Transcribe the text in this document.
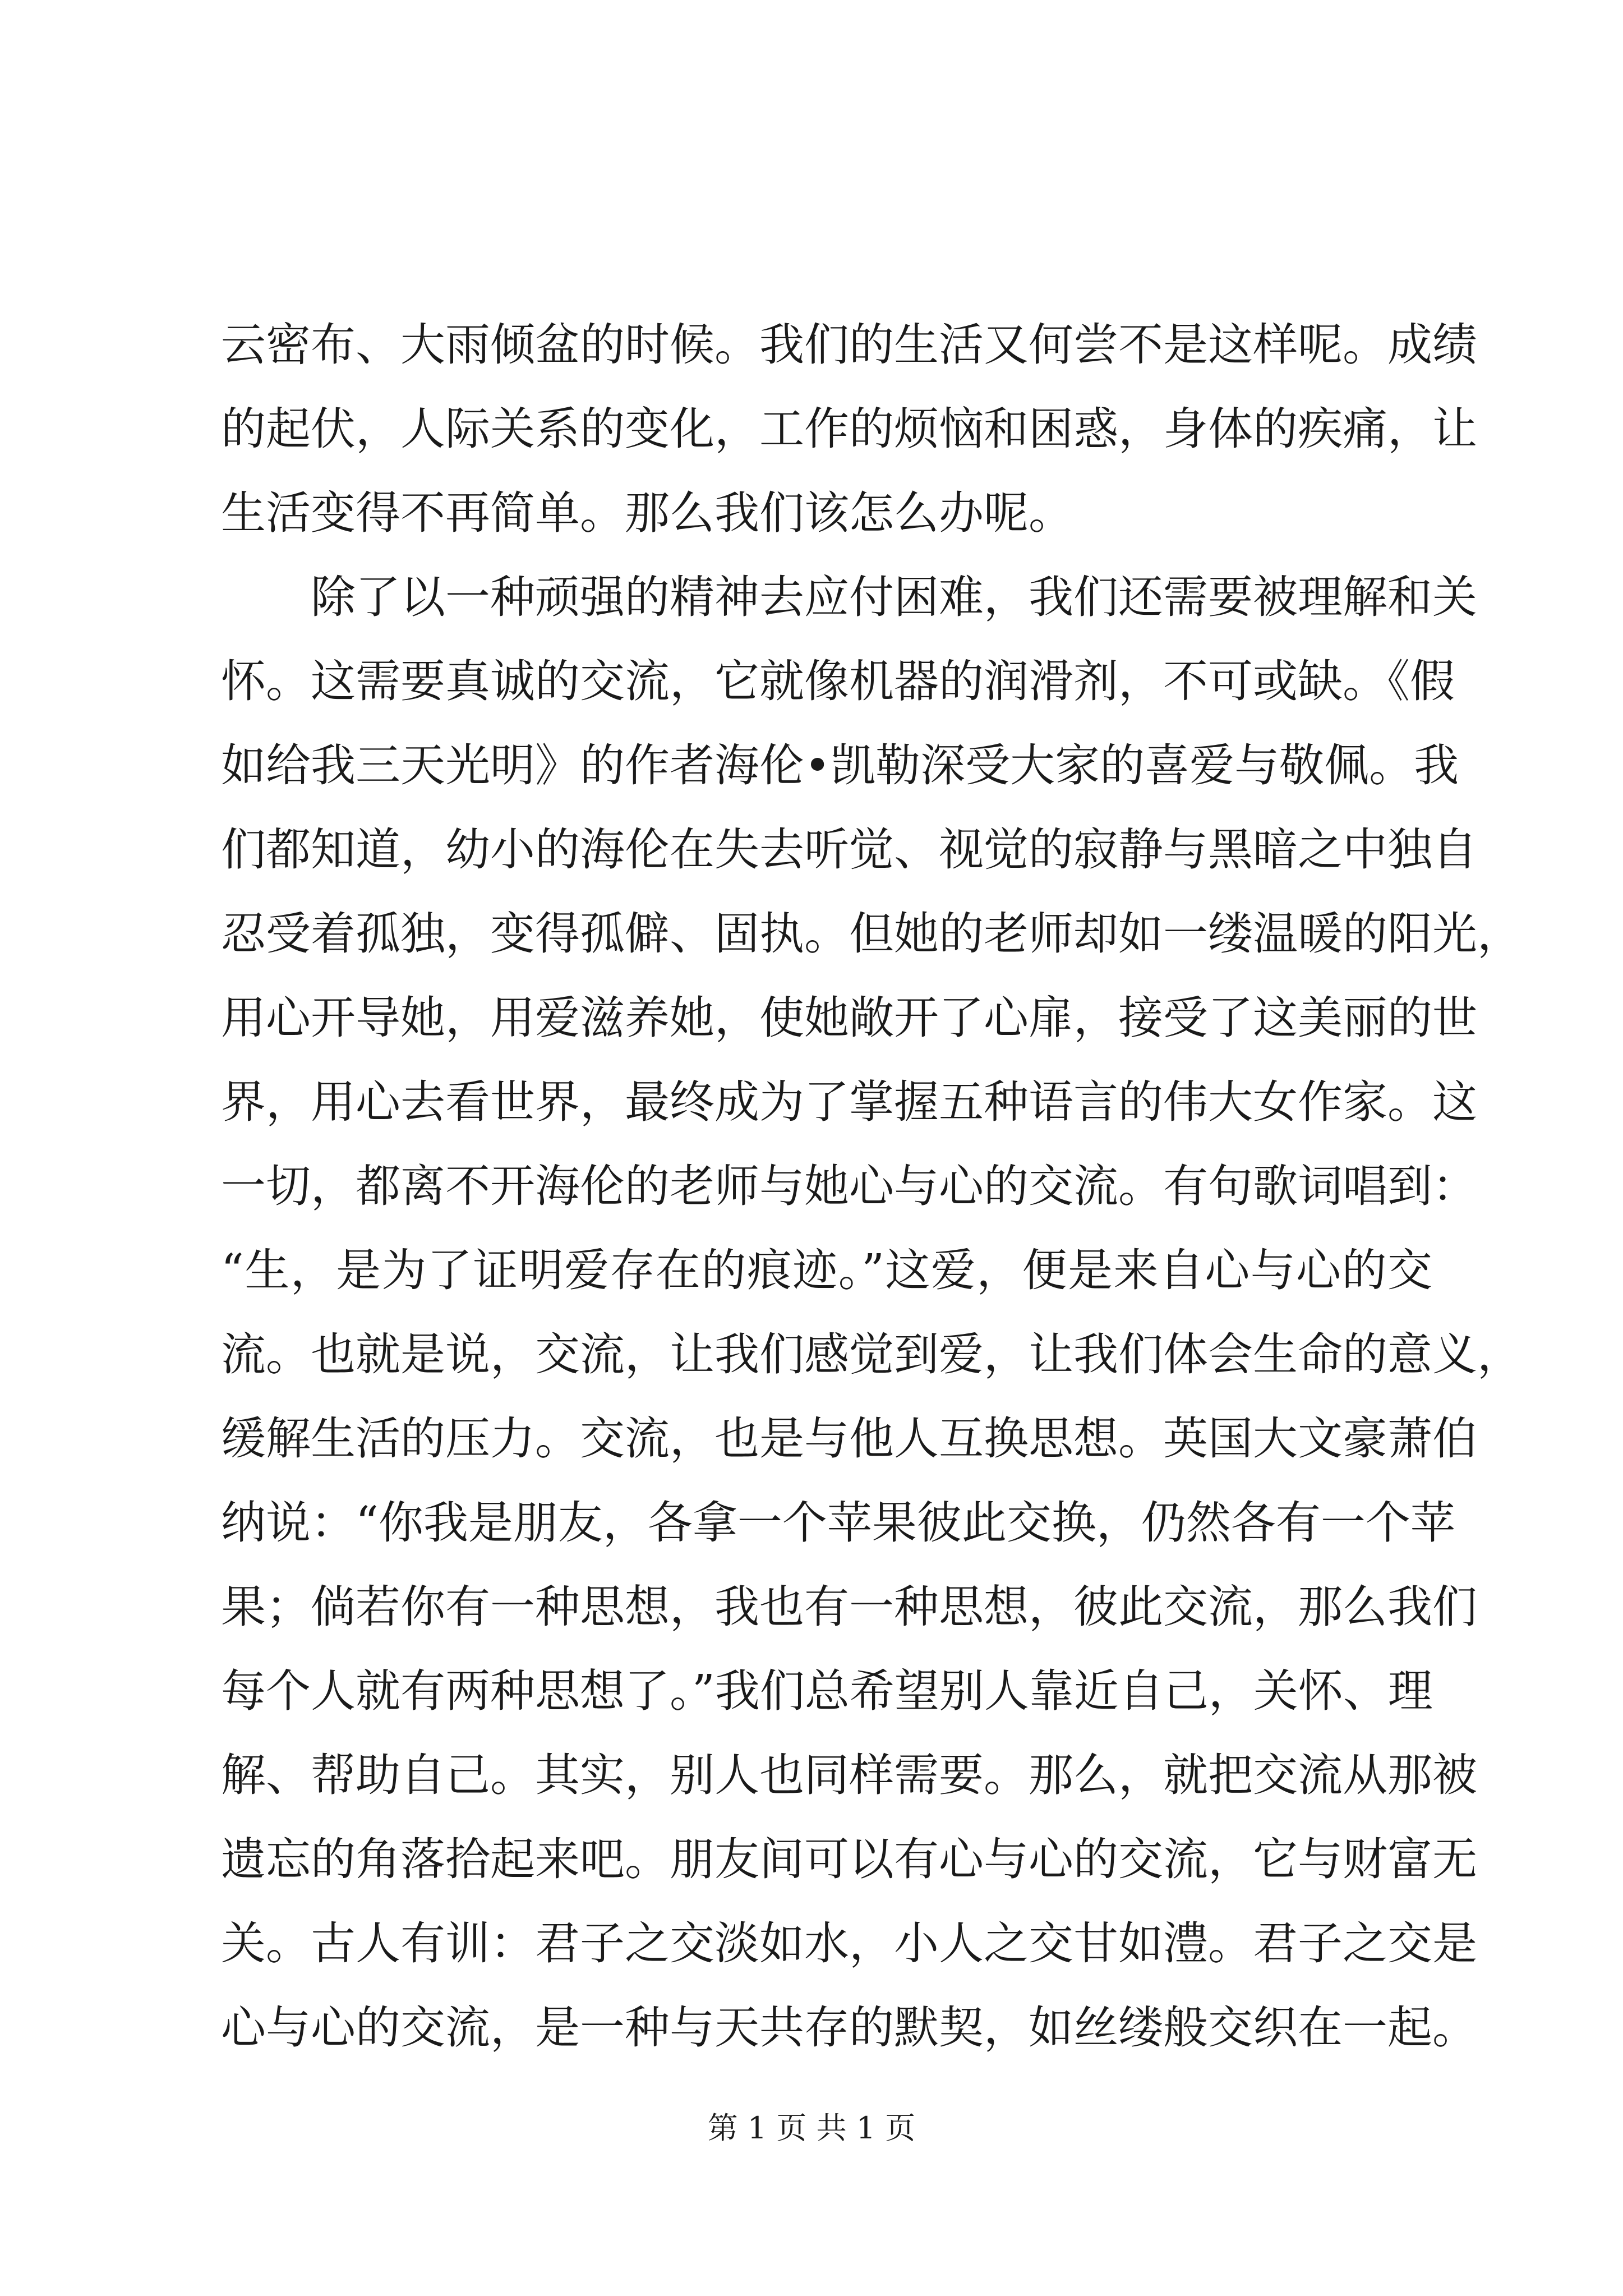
云密布、大雨倾盆的时候。我们的生活又何尝不是这样呢。成绩
的起伏，人际关系的变化，工作的烦恼和困惑，身体的疾痛，让
生活变得不再简单。那么我们该怎么办呢。
除了以一种顽强的精神去应付困难，我们还需要被理解和关
怀。这需要真诚的交流，它就像机器的润滑剂，不可或缺。《假
如给我三天光明》的作者海伦•凯勒深受大家的喜爱与敬佩。我
们都知道，幼小的海伦在失去听觉、视觉的寂静与黑暗之中独自
忍受着孤独，变得孤僻、固执。但她的老师却如一缕温暖的阳光，
用心开导她，用爱滋养她，使她敞开了心扉，接受了这美丽的世
界，用心去看世界，最终成为了掌握五种语言的伟大女作家。这
一切，都离不开海伦的老师与她心与心的交流。有句歌词唱到：
“生，是为了证明爱存在的痕迹。”这爱，便是来自心与心的交
流。也就是说，交流，让我们感觉到爱，让我们体会生命的意义，
缓解生活的压力。交流，也是与他人互换思想。英国大文豪萧伯
纳说：“你我是朋友，各拿一个苹果彼此交换，仍然各有一个苹
果；倘若你有一种思想，我也有一种思想，彼此交流，那么我们
每个人就有两种思想了。”我们总希望别人靠近自己，关怀、理
解、帮助自己。其实，别人也同样需要。那么，就把交流从那被
遗忘的角落拾起来吧。朋友间可以有心与心的交流，它与财富无
关。古人有训：君子之交淡如水，小人之交甘如澧。君子之交是
心与心的交流，是一种与天共存的默契，如丝缕般交织在一起。
第 1 页 共 1 页
